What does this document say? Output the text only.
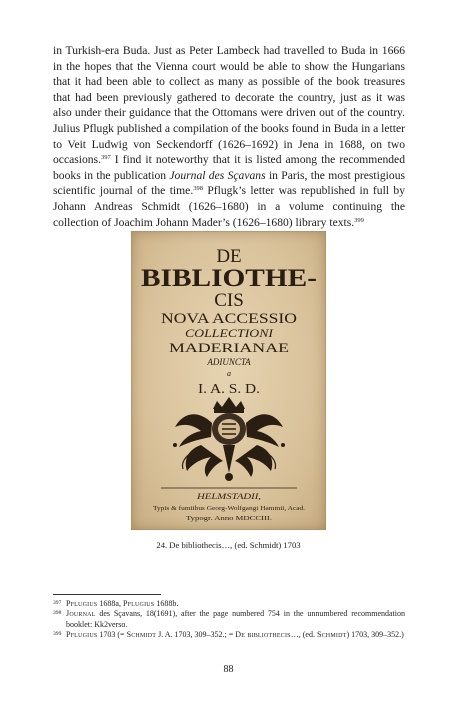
in Turkish-era Buda. Just as Peter Lambeck had travelled to Buda in 1666 in the hopes that the Vienna court would be able to show the Hungarians that it had been able to collect as many as possible of the book treasures that had been previously gathered to decorate the country, just as it was also under their guidance that the Ottomans were driven out of the country. Julius Pflugk published a compilation of the books found in Buda in a letter to Veit Ludwig von Seckendorff (1626–1692) in Jena in 1688, on two occasions.$^{397}$ I find it noteworthy that it is listed among the recommended books in the publication Journal des Sçavans in Paris, the most prestigious scientific journal of the time.$^{398}$ Pflugk’s letter was republished in full by Johann Andreas Schmidt (1626–1680) in a volume continuing the collection of Joachim Johann Mader’s (1626–1680) library texts.$^{399}$

DE
BIBLIOTHE-
CIS
NOVA ACCESSIO
COLLECTIONI
MADERIANAE
ADIUNCTA
a
I. A. S. D.
HELMSTADII,
Typis & fumtibus Georg-Wolfgangi Hammii, Acad.
Typogr. Anno MDCCIII.
24. De bibliothecis…, (ed. Schmidt) 1703
397 Pflugius 1688a, Pflugius 1688b.
398 Journal des Sçavans, 18(1691), after the page numbered 754 in the unnumbered recommendation booklet: Kk2verso.
399 Pflugius 1703 (= Schmidt J. A. 1703, 309–352.; = De bibliothecis…, (ed. Schmidt) 1703, 309–352.)
88
